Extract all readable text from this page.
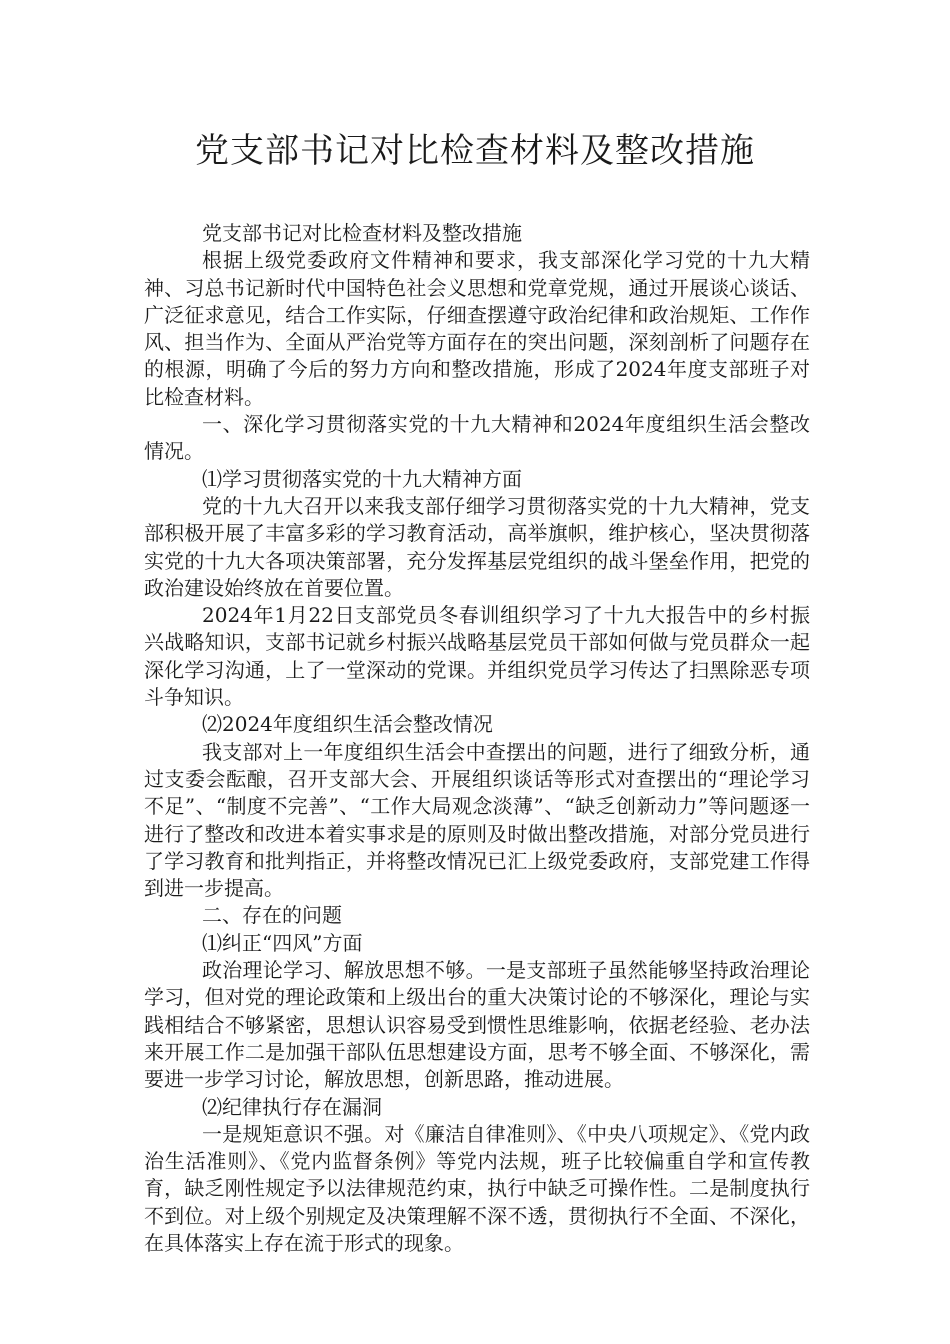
党支部书记对比检查材料及整改措施

党支部书记对比检查材料及整改措施

根据上级党委政府文件精神和要求，我支部深化学习党的十九大精神、习总书记新时代中国特色社会义思想和党章党规，通过开展谈心谈话、广泛征求意见，结合工作实际，仔细查摆遵守政治纪律和政治规矩、工作作风、担当作为、全面从严治党等方面存在的突出问题，深刻剖析了问题存在的根源，明确了今后的努力方向和整改措施，形成了2024年度支部班子对比检查材料。

一、深化学习贯彻落实党的十九大精神和2024年度组织生活会整改情况。

⑴学习贯彻落实党的十九大精神方面

党的十九大召开以来我支部仔细学习贯彻落实党的十九大精神，党支部积极开展了丰富多彩的学习教育活动，高举旗帜，维护核心，坚决贯彻落实党的十九大各项决策部署，充分发挥基层党组织的战斗堡垒作用，把党的政治建设始终放在首要位置。

2024年1月22日支部党员冬春训组织学习了十九大报告中的乡村振兴战略知识，支部书记就乡村振兴战略基层党员干部如何做与党员群众一起深化学习沟通，上了一堂深动的党课。并组织党员学习传达了扫黑除恶专项斗争知识。

⑵2024年度组织生活会整改情况

我支部对上一年度组织生活会中查摆出的问题，进行了细致分析，通过支委会酝酿，召开支部大会、开展组织谈话等形式对查摆出的“理论学习不足”、“制度不完善”、“工作大局观念淡薄”、“缺乏创新动力”等问题逐一进行了整改和改进本着实事求是的原则及时做出整改措施，对部分党员进行了学习教育和批判指正，并将整改情况已汇上级党委政府，支部党建工作得到进一步提高。

二、存在的问题

⑴纠正“四风”方面

政治理论学习、解放思想不够。一是支部班子虽然能够坚持政治理论学习，但对党的理论政策和上级出台的重大决策讨论的不够深化，理论与实践相结合不够紧密，思想认识容易受到惯性思维影响，依据老经验、老办法来开展工作二是加强干部队伍思想建设方面，思考不够全面、不够深化，需要进一步学习讨论，解放思想，创新思路，推动进展。

⑵纪律执行存在漏洞

一是规矩意识不强。对《廉洁自律准则》、《中央八项规定》、《党内政治生活准则》、《党内监督条例》等党内法规，班子比较偏重自学和宣传教育，缺乏刚性规定予以法律规范约束，执行中缺乏可操作性。二是制度执行不到位。对上级个别规定及决策理解不深不透，贯彻执行不全面、不深化，在具体落实上存在流于形式的现象。
